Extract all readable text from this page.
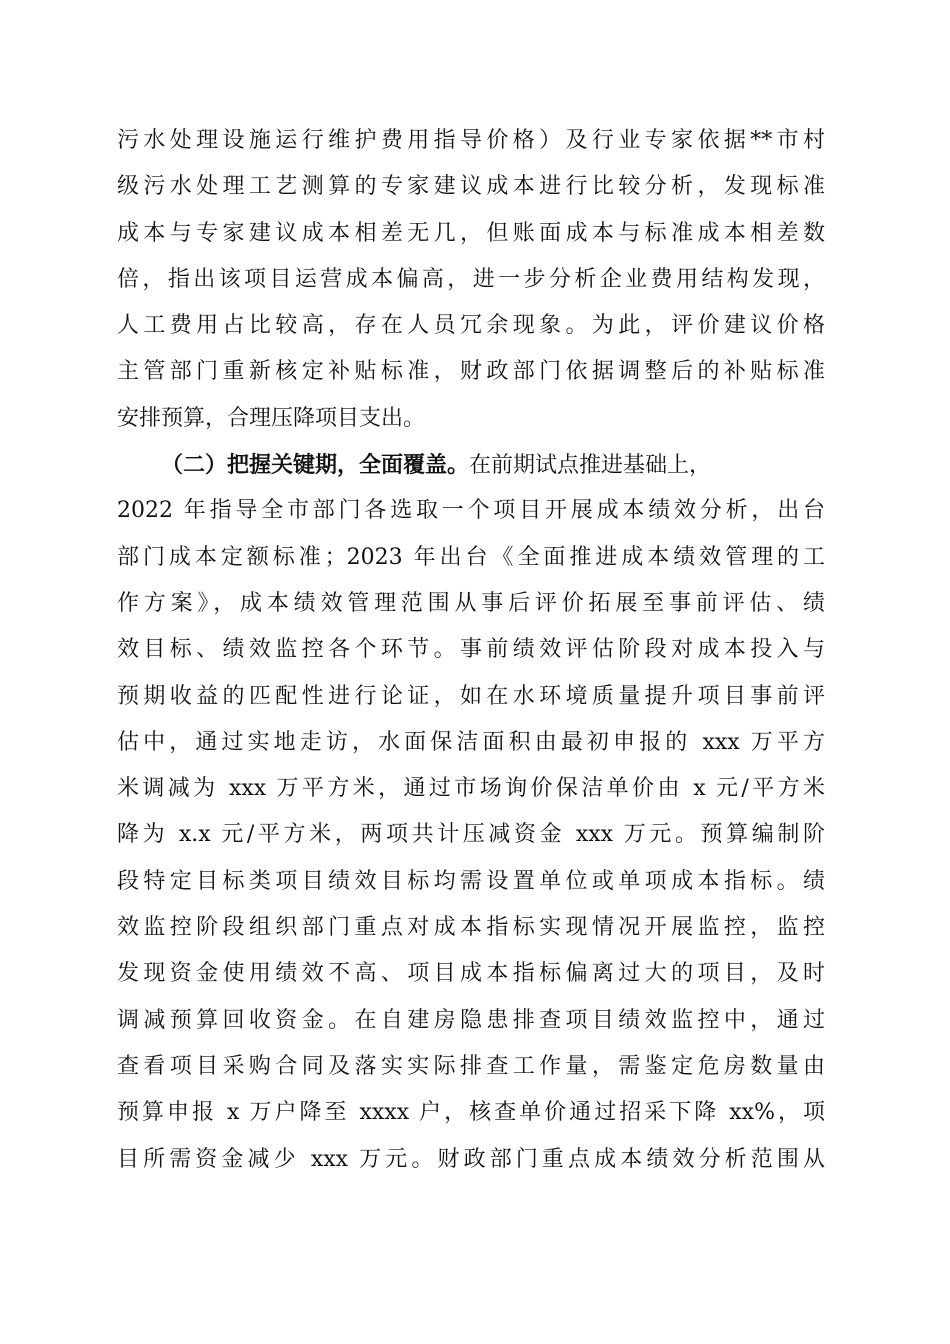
污水处理设施运行维护费用指导价格）及行业专家依据**市村
级污水处理工艺测算的专家建议成本进行比较分析，发现标准
成本与专家建议成本相差无几，但账面成本与标准成本相差数
倍，指出该项目运营成本偏高，进一步分析企业费用结构发现，
人工费用占比较高，存在人员冗余现象。为此，评价建议价格
主管部门重新核定补贴标准，财政部门依据调整后的补贴标准
安排预算，合理压降项目支出。
（二）把握关键期，全面覆盖。在前期试点推进基础上，
2022 年指导全市部门各选取一个项目开展成本绩效分析，出台
部门成本定额标准；2023 年出台《全面推进成本绩效管理的工
作方案》，成本绩效管理范围从事后评价拓展至事前评估、绩
效目标、绩效监控各个环节。事前绩效评估阶段对成本投入与
预期收益的匹配性进行论证，如在水环境质量提升项目事前评
估中，通过实地走访，水面保洁面积由最初申报的 xxx 万平方
米调减为 xxx 万平方米，通过市场询价保洁单价由 x 元/平方米
降为 x.x 元/平方米，两项共计压减资金 xxx 万元。预算编制阶
段特定目标类项目绩效目标均需设置单位或单项成本指标。绩
效监控阶段组织部门重点对成本指标实现情况开展监控，监控
发现资金使用绩效不高、项目成本指标偏离过大的项目，及时
调减预算回收资金。在自建房隐患排查项目绩效监控中，通过
查看项目采购合同及落实实际排查工作量，需鉴定危房数量由
预算申报 x 万户降至 xxxx 户，核查单价通过招采下降 xx%，项
目所需资金减少 xxx 万元。财政部门重点成本绩效分析范围从
